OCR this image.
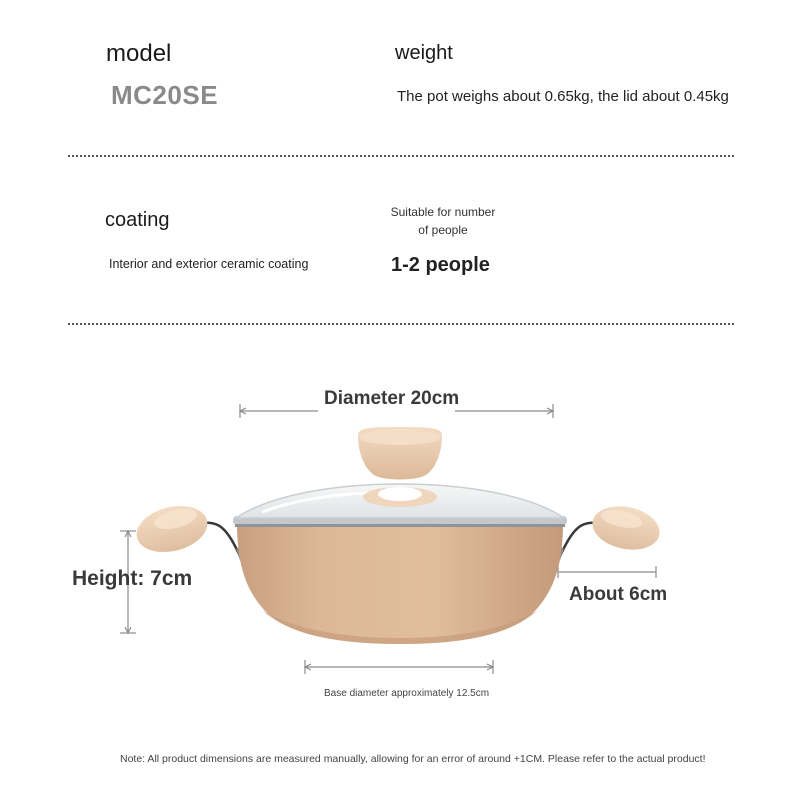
model
MC20SE
weight
The pot weighs about 0.65kg, the lid about 0.45kg
coating
Interior and exterior ceramic coating
Suitable for number
of people
1-2 people
Diameter 20cm
Height: 7cm
About 6cm
Base diameter approximately 12.5cm
Note: All product dimensions are measured manually, allowing for an error of around +1CM. Please refer to the actual product!
